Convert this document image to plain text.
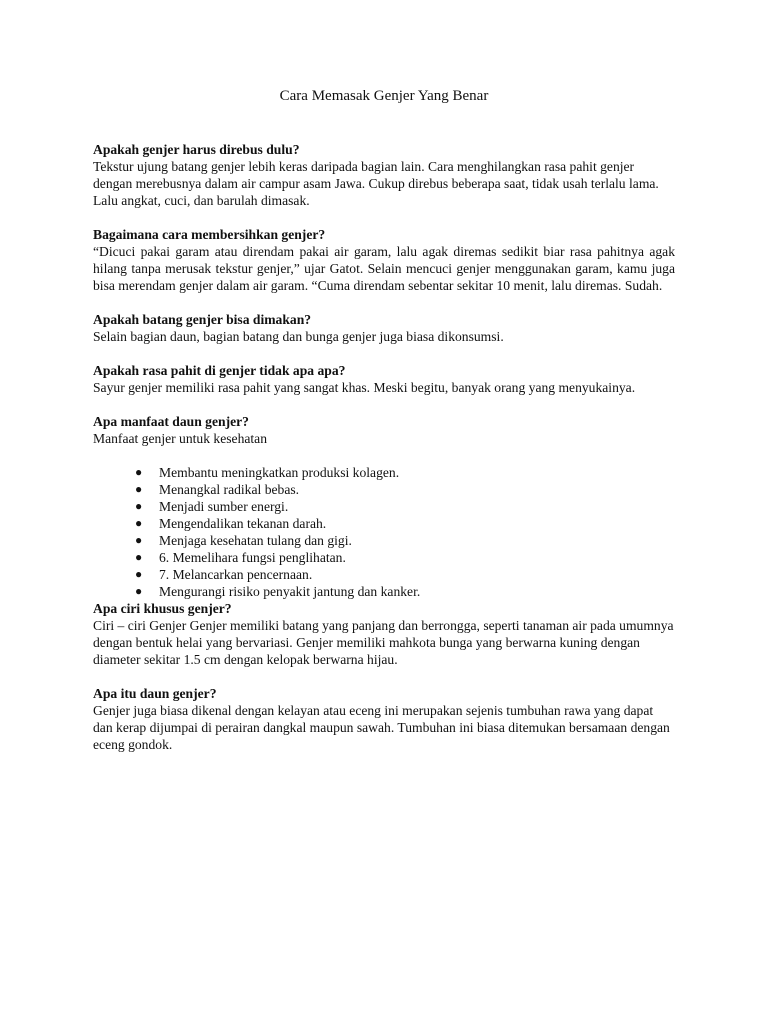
Cara Memasak Genjer Yang Benar

Apakah genjer harus direbus dulu?

Tekstur ujung batang genjer lebih keras daripada bagian lain. Cara menghilangkan rasa pahit genjer dengan merebusnya dalam air campur asam Jawa. Cukup direbus beberapa saat, tidak usah terlalu lama. Lalu angkat, cuci, dan barulah dimasak.

Bagaimana cara membersihkan genjer?

“Dicuci pakai garam atau direndam pakai air garam, lalu agak diremas sedikit biar rasa pahitnya agak hilang tanpa merusak tekstur genjer,” ujar Gatot. Selain mencuci genjer menggunakan garam, kamu juga bisa merendam genjer dalam air garam. “Cuma direndam sebentar sekitar 10 menit, lalu diremas. Sudah.

Apakah batang genjer bisa dimakan?

Selain bagian daun, bagian batang dan bunga genjer juga biasa dikonsumsi.

Apakah rasa pahit di genjer tidak apa apa?

Sayur genjer memiliki rasa pahit yang sangat khas. Meski begitu, banyak orang yang menyukainya.

Apa manfaat daun genjer?

Manfaat genjer untuk kesehatan

● Membantu meningkatkan produksi kolagen.
● Menangkal radikal bebas.
● Menjadi sumber energi.
● Mengendalikan tekanan darah.
● Menjaga kesehatan tulang dan gigi.
● 6. Memelihara fungsi penglihatan.
● 7. Melancarkan pencernaan.
● Mengurangi risiko penyakit jantung dan kanker.

Apa ciri khusus genjer?

Ciri – ciri Genjer Genjer memiliki batang yang panjang dan berrongga, seperti tanaman air pada umumnya dengan bentuk helai yang bervariasi. Genjer memiliki mahkota bunga yang berwarna kuning dengan diameter sekitar 1.5 cm dengan kelopak berwarna hijau.

Apa itu daun genjer?

Genjer juga biasa dikenal dengan kelayan atau eceng ini merupakan sejenis tumbuhan rawa yang dapat dan kerap dijumpai di perairan dangkal maupun sawah. Tumbuhan ini biasa ditemukan bersamaan dengan eceng gondok.
